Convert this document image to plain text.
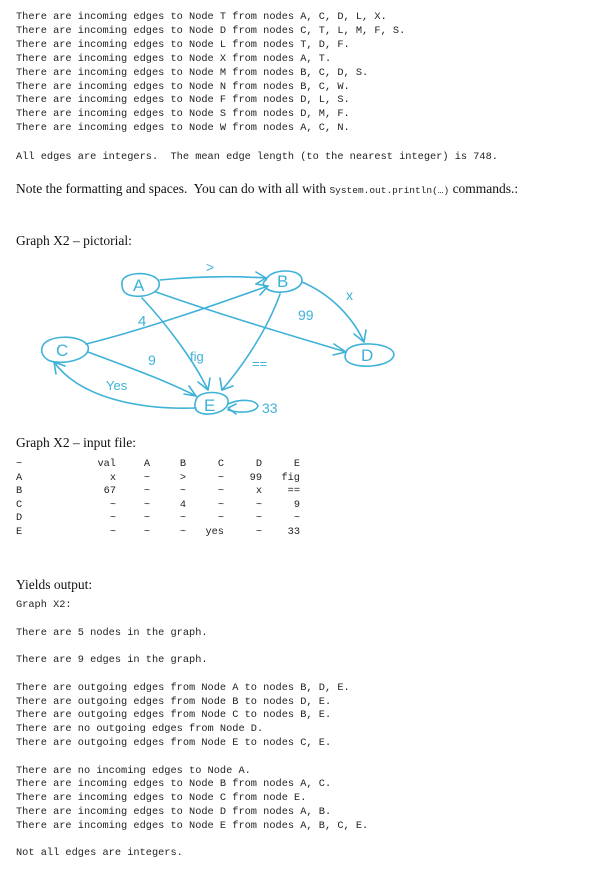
There are incoming edges to Node T from nodes A, C, D, L, X.
There are incoming edges to Node D from nodes C, T, L, M, F, S.
There are incoming edges to Node L from nodes T, D, F.
There are incoming edges to Node X from nodes A, T.
There are incoming edges to Node M from nodes B, C, D, S.
There are incoming edges to Node N from nodes B, C, W.
There are incoming edges to Node F from nodes D, L, S.
There are incoming edges to Node S from nodes D, M, F.
There are incoming edges to Node W from nodes A, C, N.
All edges are integers.  The mean edge length (to the nearest integer) is 748.
Note the formatting and spaces.  You can do with all with System.out.println(…) commands.:
Graph X2 – pictorial:
A	B
C	D
E
>
99
x
4
fig	==
9
Yes
33
Graph X2 – input file:
~	val	A	B	C	D	E
A	x	~	>	~	99	fig
B	67	~	~	~	x	==
C	~	~	4	~	~	9
D	~	~	~	~	~	~
E	~	~	~	yes	~	33
Yields output:
Graph X2:
There are 5 nodes in the graph.
There are 9 edges in the graph.
There are outgoing edges from Node A to nodes B, D, E.
There are outgoing edges from Node B to nodes D, E.
There are outgoing edges from Node C to nodes B, E.
There are no outgoing edges from Node D.
There are outgoing edges from Node E to nodes C, E.
There are no incoming edges to Node A.
There are incoming edges to Node B from nodes A, C.
There are incoming edges to Node C from node E.
There are incoming edges to Node D from nodes A, B.
There are incoming edges to Node E from nodes A, B, C, E.
Not all edges are integers.
